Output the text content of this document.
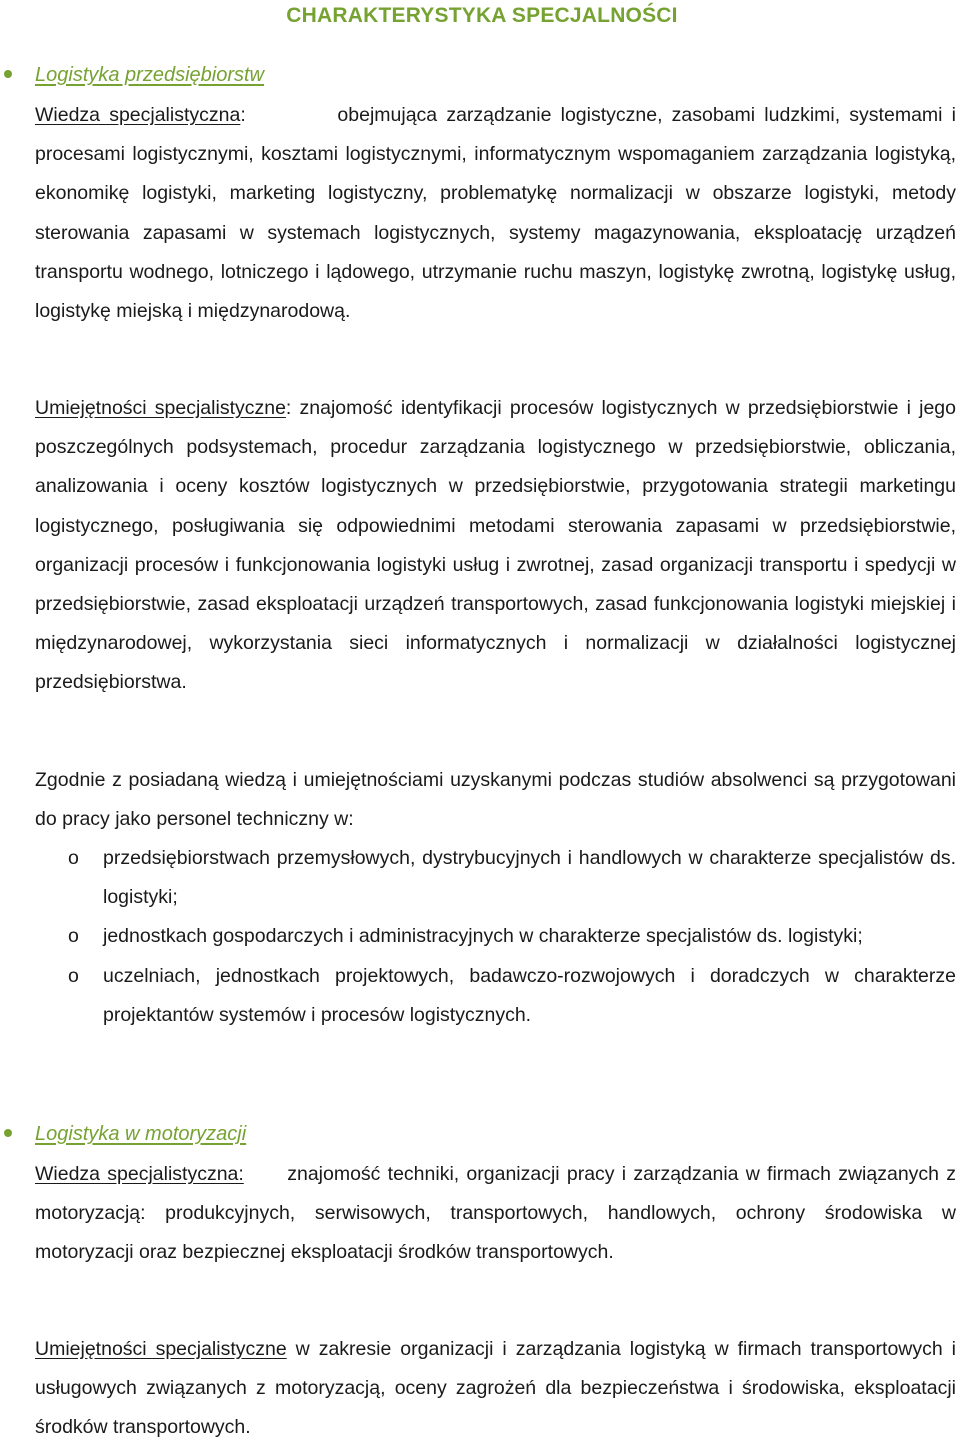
CHARAKTERYSTYKA SPECJALNOŚCI
Logistyka przedsiębiorstw

Wiedza specjalistyczna:	obejmująca zarządzanie logistyczne, zasobami ludzkimi, systemami i procesami logistycznymi, kosztami logistycznymi, informatycznym wspomaganiem zarządzania logistyką, ekonomikę logistyki, marketing logistyczny, problematykę normalizacji w obszarze logistyki, metody sterowania zapasami w systemach logistycznych, systemy magazynowania, eksploatację urządzeń transportu wodnego, lotniczego i lądowego, utrzymanie ruchu maszyn, logistykę zwrotną, logistykę usług, logistykę miejską i międzynarodową.

Umiejętności specjalistyczne: znajomość identyfikacji procesów logistycznych w przedsiębiorstwie i jego poszczególnych podsystemach, procedur zarządzania logistycznego w przedsiębiorstwie, obliczania, analizowania i oceny kosztów logistycznych w przedsiębiorstwie, przygotowania strategii marketingu logistycznego, posługiwania się odpowiednimi metodami sterowania zapasami w przedsiębiorstwie, organizacji procesów i funkcjonowania logistyki usług i zwrotnej, zasad organizacji transportu i spedycji w przedsiębiorstwie, zasad eksploatacji urządzeń transportowych, zasad funkcjonowania logistyki miejskiej i międzynarodowej, wykorzystania sieci informatycznych i normalizacji w działalności logistycznej przedsiębiorstwa.

Zgodnie z posiadaną wiedzą i umiejętnościami uzyskanymi podczas studiów absolwenci są przygotowani do pracy jako personel techniczny w:

o przedsiębiorstwach przemysłowych, dystrybucyjnych i handlowych w charakterze specjalistów ds. logistyki;
o jednostkach gospodarczych i administracyjnych w charakterze specjalistów ds. logistyki;
o uczelniach, jednostkach projektowych, badawczo-rozwojowych i doradczych w charakterze projektantów systemów i procesów logistycznych.
Logistyka w motoryzacji

Wiedza specjalistyczna: znajomość techniki, organizacji pracy i zarządzania w firmach związanych z motoryzacją: produkcyjnych, serwisowych, transportowych, handlowych, ochrony środowiska w motoryzacji oraz bezpiecznej eksploatacji środków transportowych.

Umiejętności specjalistyczne w zakresie organizacji i zarządzania logistyką w firmach transportowych i usługowych związanych z motoryzacją, oceny zagrożeń dla bezpieczeństwa i środowiska, eksploatacji środków transportowych.
